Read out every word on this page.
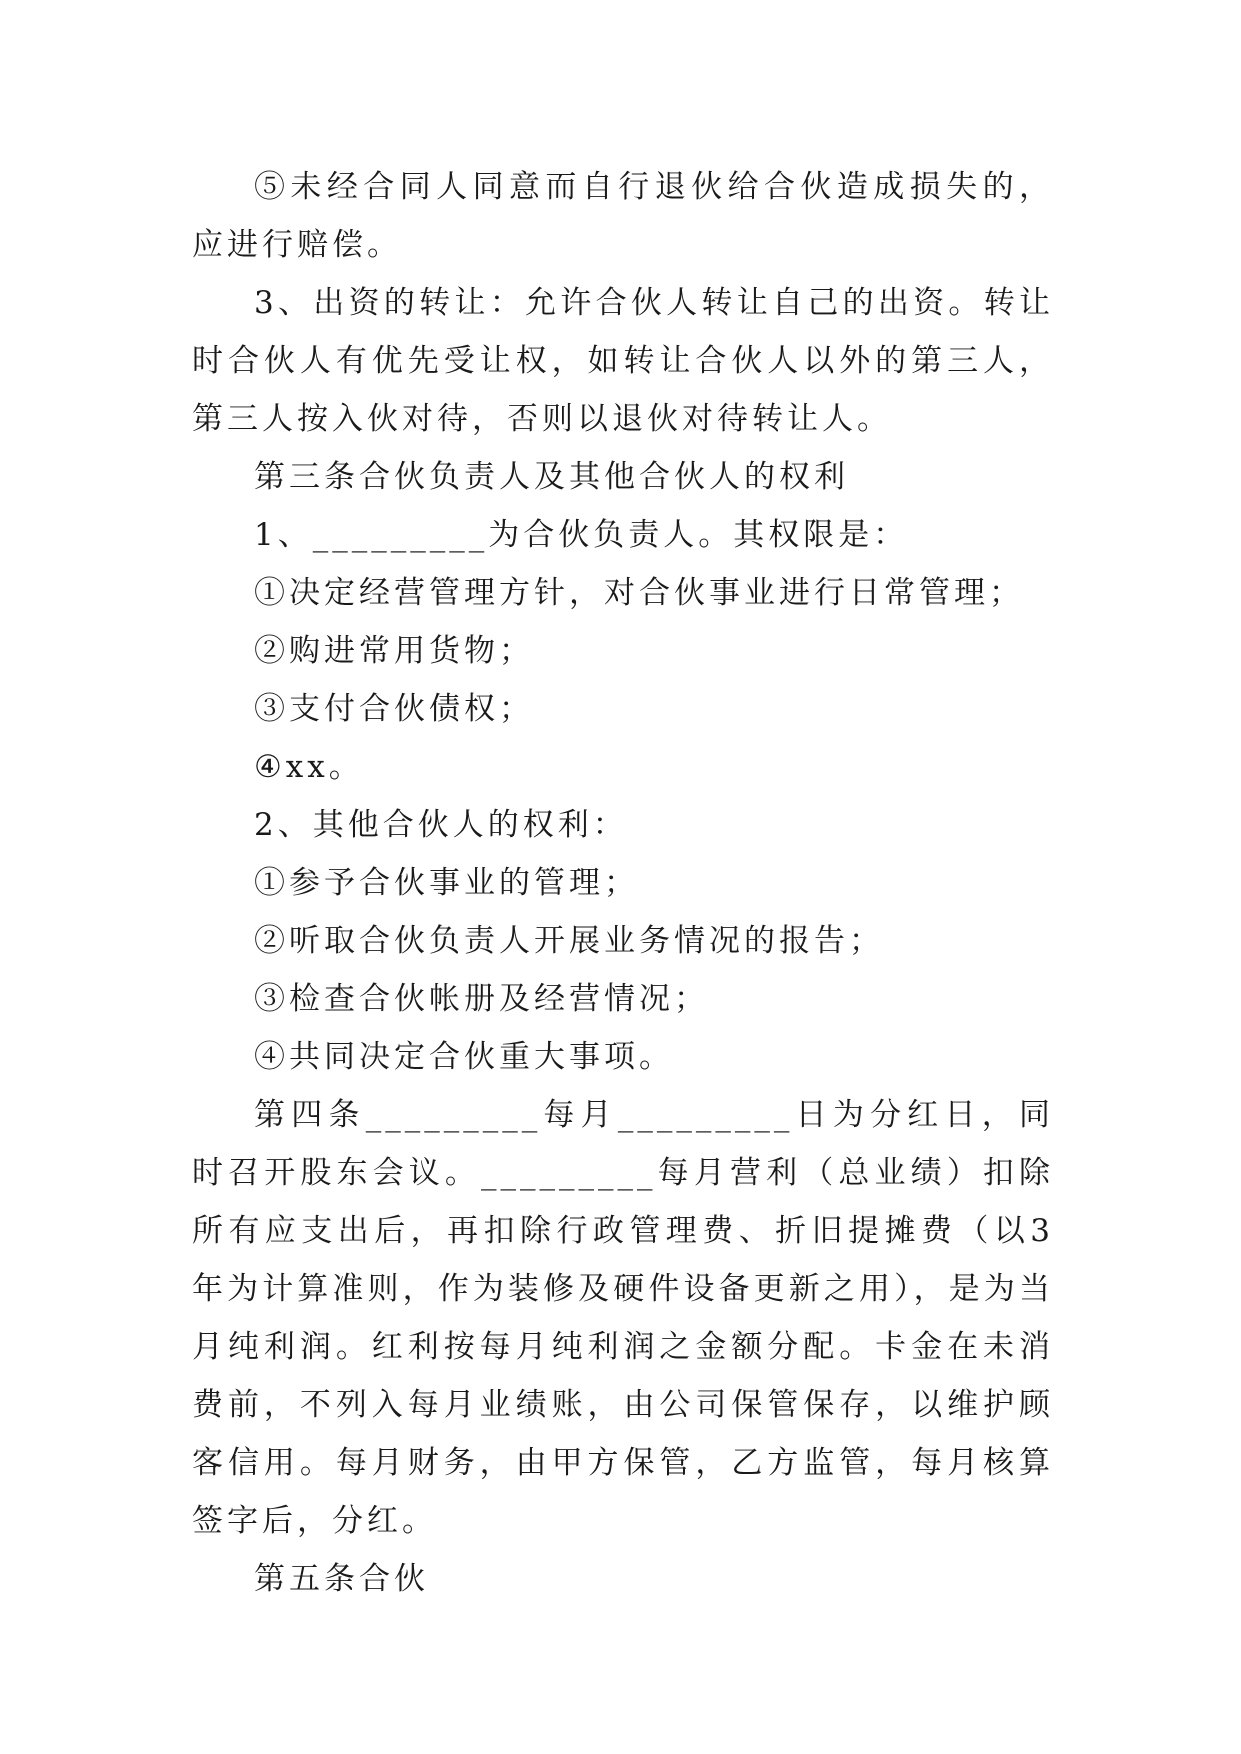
⑤未经合同人同意而自行退伙给合伙造成损失的，应进行赔偿。

3、出资的转让：允许合伙人转让自己的出资。转让时合伙人有优先受让权，如转让合伙人以外的第三人，第三人按入伙对待，否则以退伙对待转让人。

第三条合伙负责人及其他合伙人的权利

1、_________为合伙负责人。其权限是：

①决定经营管理方针，对合伙事业进行日常管理；

②购进常用货物；

③支付合伙债权；

④xx。

2、其他合伙人的权利：

①参予合伙事业的管理；

②听取合伙负责人开展业务情况的报告；

③检查合伙帐册及经营情况；

④共同决定合伙重大事项。

第四条_________每月_________日为分红日，同时召开股东会议。_________每月营利（总业绩）扣除所有应支出后，再扣除行政管理费、折旧提摊费（以3年为计算准则，作为装修及硬件设备更新之用），是为当月纯利润。红利按每月纯利润之金额分配。卡金在未消费前，不列入每月业绩账，由公司保管保存，以维护顾客信用。每月财务，由甲方保管，乙方监管，每月核算签字后，分红。

第五条合伙
